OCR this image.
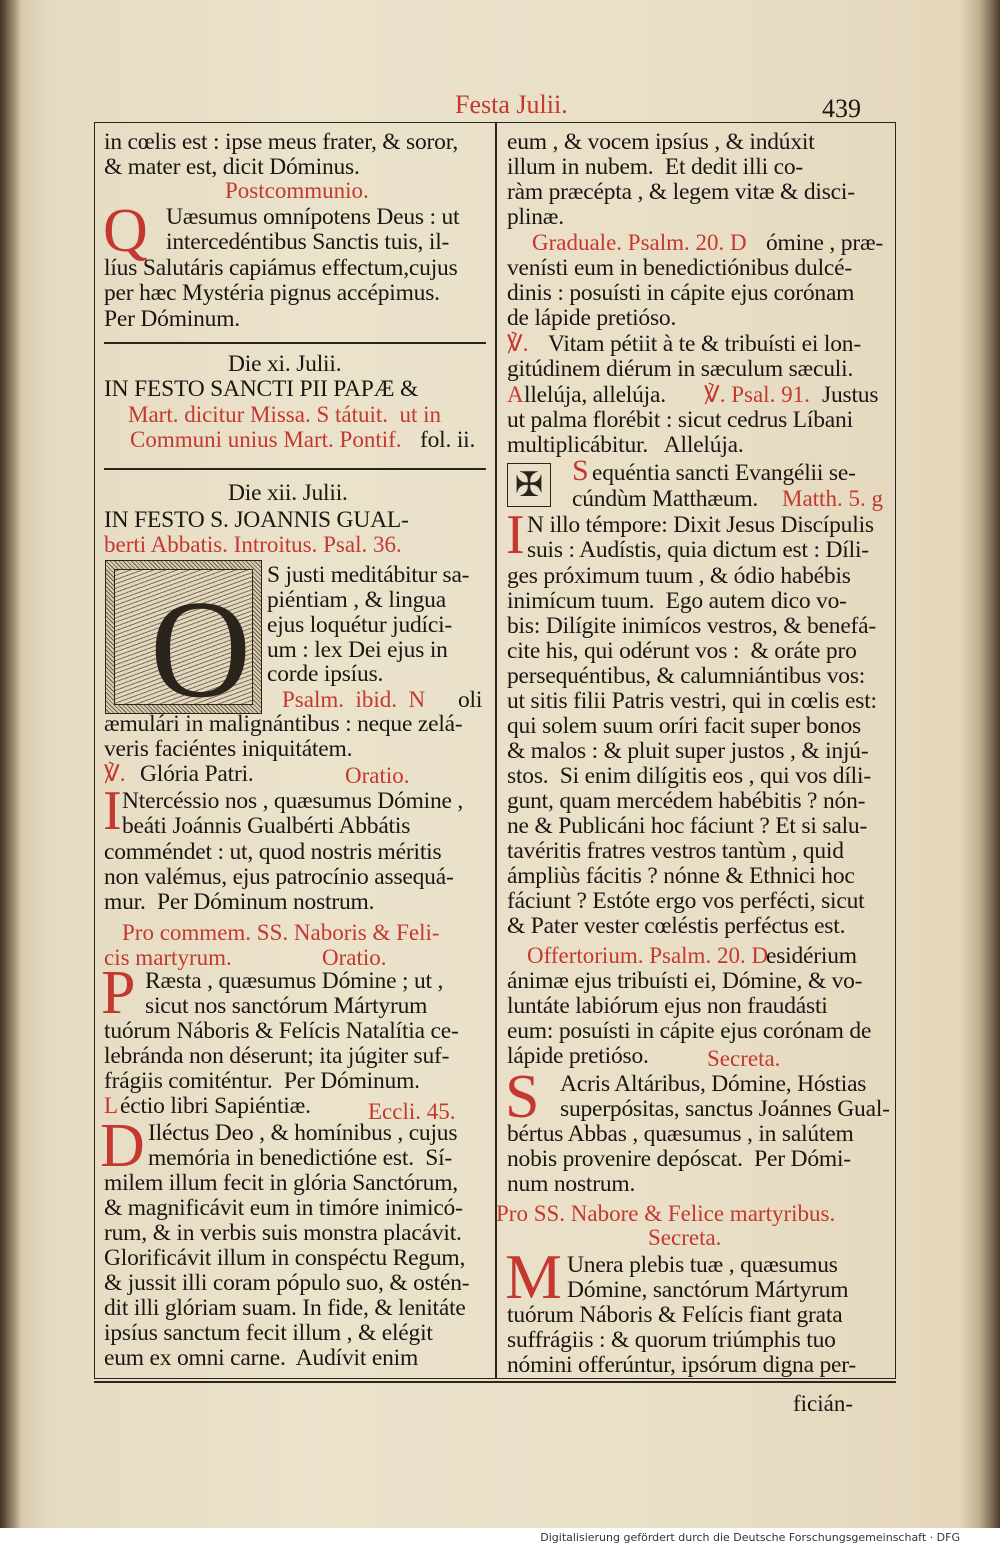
Festa Julii.	439
in cœlis est : ipse meus frater, & soror,
& mater est, dicit Dóminus.
Postcommunio.
Q Uæsumus omnípotens Deus : ut
intercedéntibus Sanctis tuis, il-
líus Salutáris capiámus effectum,cujus
per hæc Mystéria pignus accépimus.
Per Dóminum.
Die xi. Julii.
IN FESTO SANCTI PII PAPÆ &
Mart. dicitur Missa. S tátuit.  ut in
Communi unius Mart. Pontif. fol. ii.
Die xii. Julii.
IN FESTO S. JOANNIS GUAL-
berti Abbatis. Introitus. Psal. 36.
O S justi meditábitur sa-
piéntiam , & lingua
ejus loquétur judíci-
um : lex Dei ejus in
corde ipsíus.
Psalm.  ibid.  N oli
æmulári in malignántibus : neque zelá-
veris faciéntes iniquitátem.
℣. Glória Patri.	Oratio.
I Ntercéssio nos , quæsumus Dómine ,
beáti Joánnis Gualbérti Abbátis
comméndet : ut, quod nostris méritis
non valémus, ejus patrocínio assequá-
mur.  Per Dóminum nostrum.
Pro commem. SS. Naboris & Feli-
cis martyrum.	Oratio.
P Ræsta , quæsumus Dómine ; ut ,
sicut nos sanctórum Mártyrum
tuórum Náboris & Felícis Natalítia ce-
lebránda non déserunt; ita júgiter suf-
frágiis comiténtur.  Per Dóminum.
L éctio libri Sapiéntiæ. Eccli. 45.
D Iléctus Deo , & homínibus , cujus
memória in benedictióne est.  Sí-
milem illum fecit in glória Sanctórum,
& magnificávit eum in timóre inimicó-
rum, & in verbis suis monstra placávit.
Glorificávit illum in conspéctu Regum,
& jussit illi coram pópulo suo, & ostén-
dit illi glóriam suam. In fide, & lenitáte
ipsíus sanctum fecit illum , & elégit
eum ex omni carne.  Audívit enim
eum , & vocem ipsíus , & indúxit
illum in nubem.  Et dedit illi co-
ràm præcépta , & legem vitæ & disci-
plinæ.
Graduale. Psalm. 20. D ómine , præ-
venísti eum in benedictiónibus dulcé-
dinis : posuísti in cápite ejus corónam
de lápide pretióso.
℣. Vitam pétiit à te & tribuísti ei lon-
gitúdinem diérum in sæculum sæculi.
A llelúja, allelúja. ℣. Psal. 91. Justus
ut palma florébit : sicut cedrus Líbani
multiplicábitur.   Allelúja.
✠ S equéntia sancti Evangélii se-
cúndùm Matthæum. Matth. 5. g
I N illo témpore: Dixit Jesus Discípulis
suis : Audístis, quia dictum est : Díli-
ges próximum tuum , & ódio habébis
inimícum tuum.  Ego autem dico vo-
bis: Dilígite inimícos vestros, & benefá-
cite his, qui odérunt vos :  & oráte pro
persequéntibus, & calumniántibus vos:
ut sitis filii Patris vestri, qui in cœlis est:
qui solem suum oríri facit super bonos
& malos : & pluit super justos , & injú-
stos.  Si enim dilígitis eos , qui vos díli-
gunt, quam mercédem habébitis ? nón-
ne & Publicáni hoc fáciunt ? Et si salu-
tavéritis fratres vestros tantùm , quid
ámpliùs fácitis ? nónne & Ethnici hoc
fáciunt ? Estóte ergo vos perfécti, sicut
& Pater vester cœléstis perféctus est.
Offertorium. Psalm. 20. D
esidérium
ánimæ ejus tribuísti ei, Dómine, & vo-
luntáte labiórum ejus non fraudásti
eum: posuísti in cápite ejus corónam de
lápide pretióso.	Secreta.
S Acris Altáribus, Dómine, Hóstias
superpósitas, sanctus Joánnes Gual-
bértus Abbas , quæsumus , in salútem
nobis provenire depóscat.  Per Dómi-
num nostrum.
Pro SS. Nabore & Felice martyribus.
Secreta.
M Unera plebis tuæ , quæsumus
Dómine, sanctórum Mártyrum
tuórum Náboris & Felícis fiant grata
suffrágiis : & quorum triúmphis tuo
nómini offerúntur, ipsórum digna per-
ficián-
Digitalisierung gefördert durch die Deutsche Forschungsgemeinschaft · DFG
